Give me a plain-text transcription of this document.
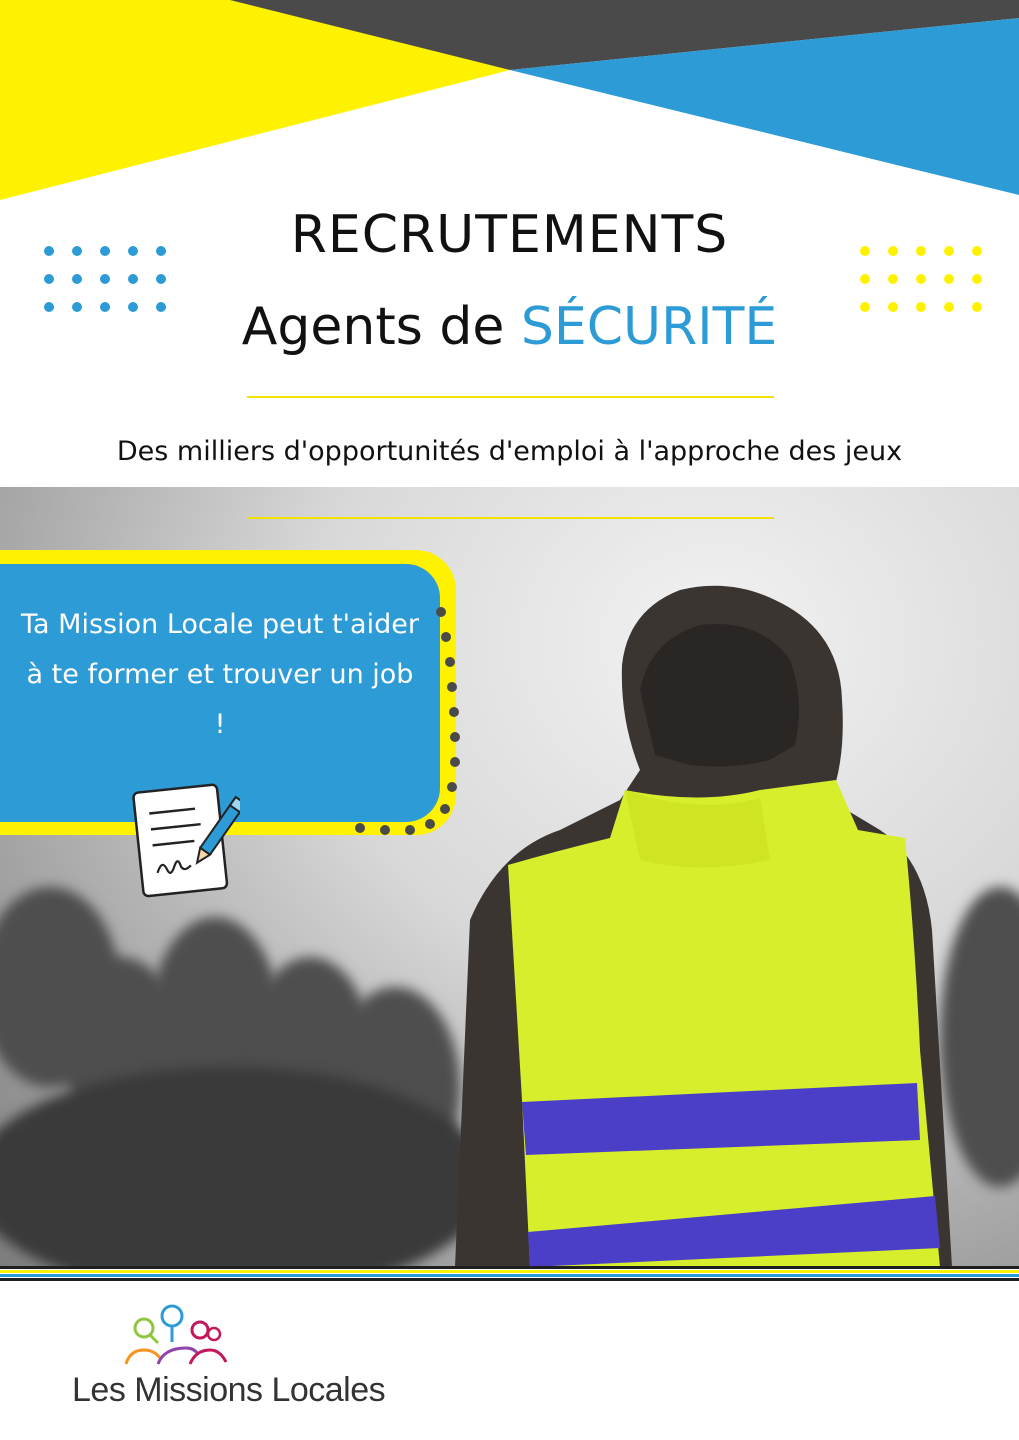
RECRUTEMENTS
Agents de SÉCURITÉ
Des milliers d'opportunités d'emploi à l'approche des jeux
Ta Mission Locale peut t'aider à te former et trouver un job !
Les Missions Locales
